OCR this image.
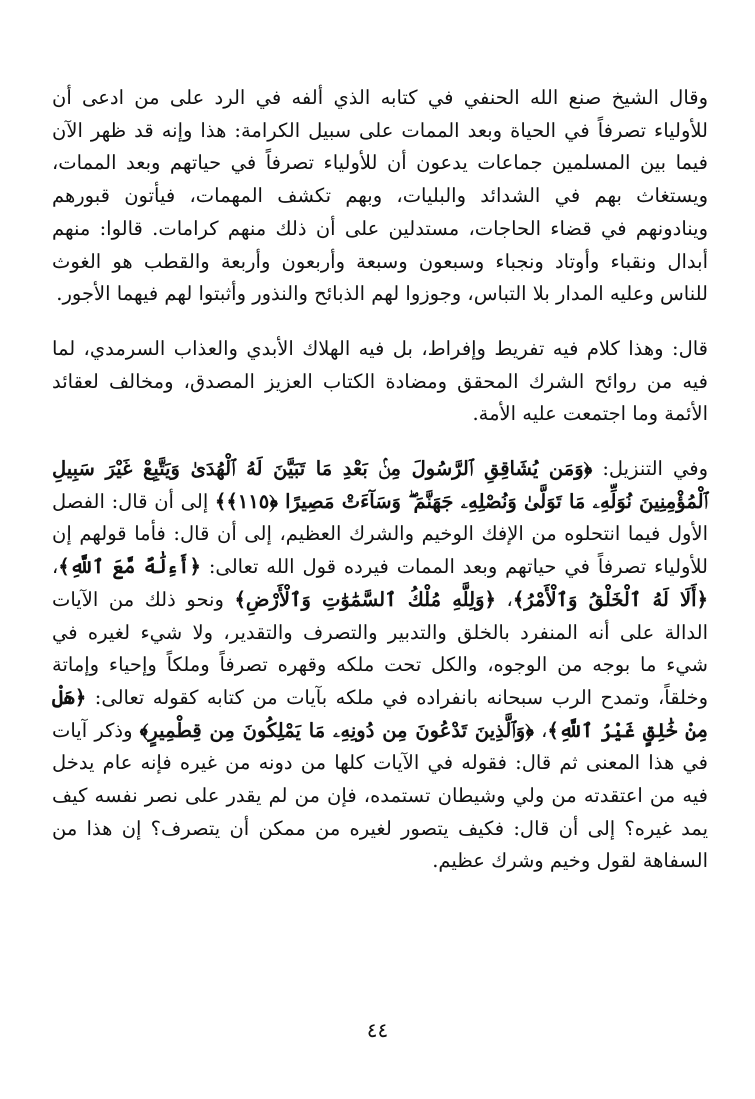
وقال الشيخ صنع الله الحنفي في كتابه الذي ألفه في الرد على من ادعى أن للأولياء تصرفاً في الحياة وبعد الممات على سبيل الكرامة: هذا وإنه قد ظهر الآن فيما بين المسلمين جماعات يدعون أن للأولياء تصرفاً في حياتهم وبعد الممات، ويستغاث بهم في الشدائد والبليات، وبهم تكشف المهمات، فيأتون قبورهم وينادونهم في قضاء الحاجات، مستدلين على أن ذلك منهم كرامات. قالوا: منهم أبدال ونقباء وأوتاد ونجباء وسبعون وسبعة وأربعون وأربعة والقطب هو الغوث للناس وعليه المدار بلا التباس، وجوزوا لهم الذبائح والنذور وأثبتوا لهم فيهما الأجور.

قال: وهذا كلام فيه تفريط وإفراط، بل فيه الهلاك الأبدي والعذاب السرمدي، لما فيه من روائح الشرك المحقق ومضادة الكتاب العزيز المصدق، ومخالف لعقائد الأئمة وما اجتمعت عليه الأمة.

وفي التنزيل: ﴿وَمَن يُشَاقِقِ ٱلرَّسُولَ مِنۢ بَعْدِ مَا تَبَيَّنَ لَهُ ٱلْهُدَىٰ وَيَتَّبِعْ غَيْرَ سَبِيلِ ٱلْمُؤْمِنِينَ نُوَلِّهِۦ مَا تَوَلَّىٰ وَنُصْلِهِۦ جَهَنَّمَ ۖ وَسَآءَتْ مَصِيرًا ﴿١١٥﴾﴾ إلى أن قال: الفصل الأول فيما انتحلوه من الإفك الوخيم والشرك العظيم، إلى أن قال: فأما قولهم إن للأولياء تصرفاً في حياتهم وبعد الممات فيرده قول الله تعالى: ﴿أَءِلَٰهٌ مَّعَ ٱللَّهِ﴾، ﴿أَلَا لَهُ ٱلْخَلْقُ وَٱلْأَمْرُ﴾، ﴿وَلِلَّهِ مُلْكُ ٱلسَّمَٰوَٰتِ وَٱلْأَرْضِ﴾ ونحو ذلك من الآيات الدالة على أنه المنفرد بالخلق والتدبير والتصرف والتقدير، ولا شيء لغيره في شيء ما بوجه من الوجوه، والكل تحت ملكه وقهره تصرفاً وملكاً وإحياء وإماتة وخلقاً، وتمدح الرب سبحانه بانفراده في ملكه بآيات من كتابه كقوله تعالى: ﴿هَلْ مِنْ خَٰلِقٍ غَيْرُ ٱللَّهِ﴾، ﴿وَٱلَّذِينَ تَدْعُونَ مِن دُونِهِۦ مَا يَمْلِكُونَ مِن قِطْمِيرٍ﴾ وذكر آيات في هذا المعنى ثم قال: فقوله في الآيات كلها من دونه من غيره فإنه عام يدخل فيه من اعتقدته من ولي وشيطان تستمده، فإن من لم يقدر على نصر نفسه كيف يمد غيره؟ إلى أن قال: فكيف يتصور لغيره من ممكن أن يتصرف؟ إن هذا من السفاهة لقول وخيم وشرك عظيم.

٤٤
